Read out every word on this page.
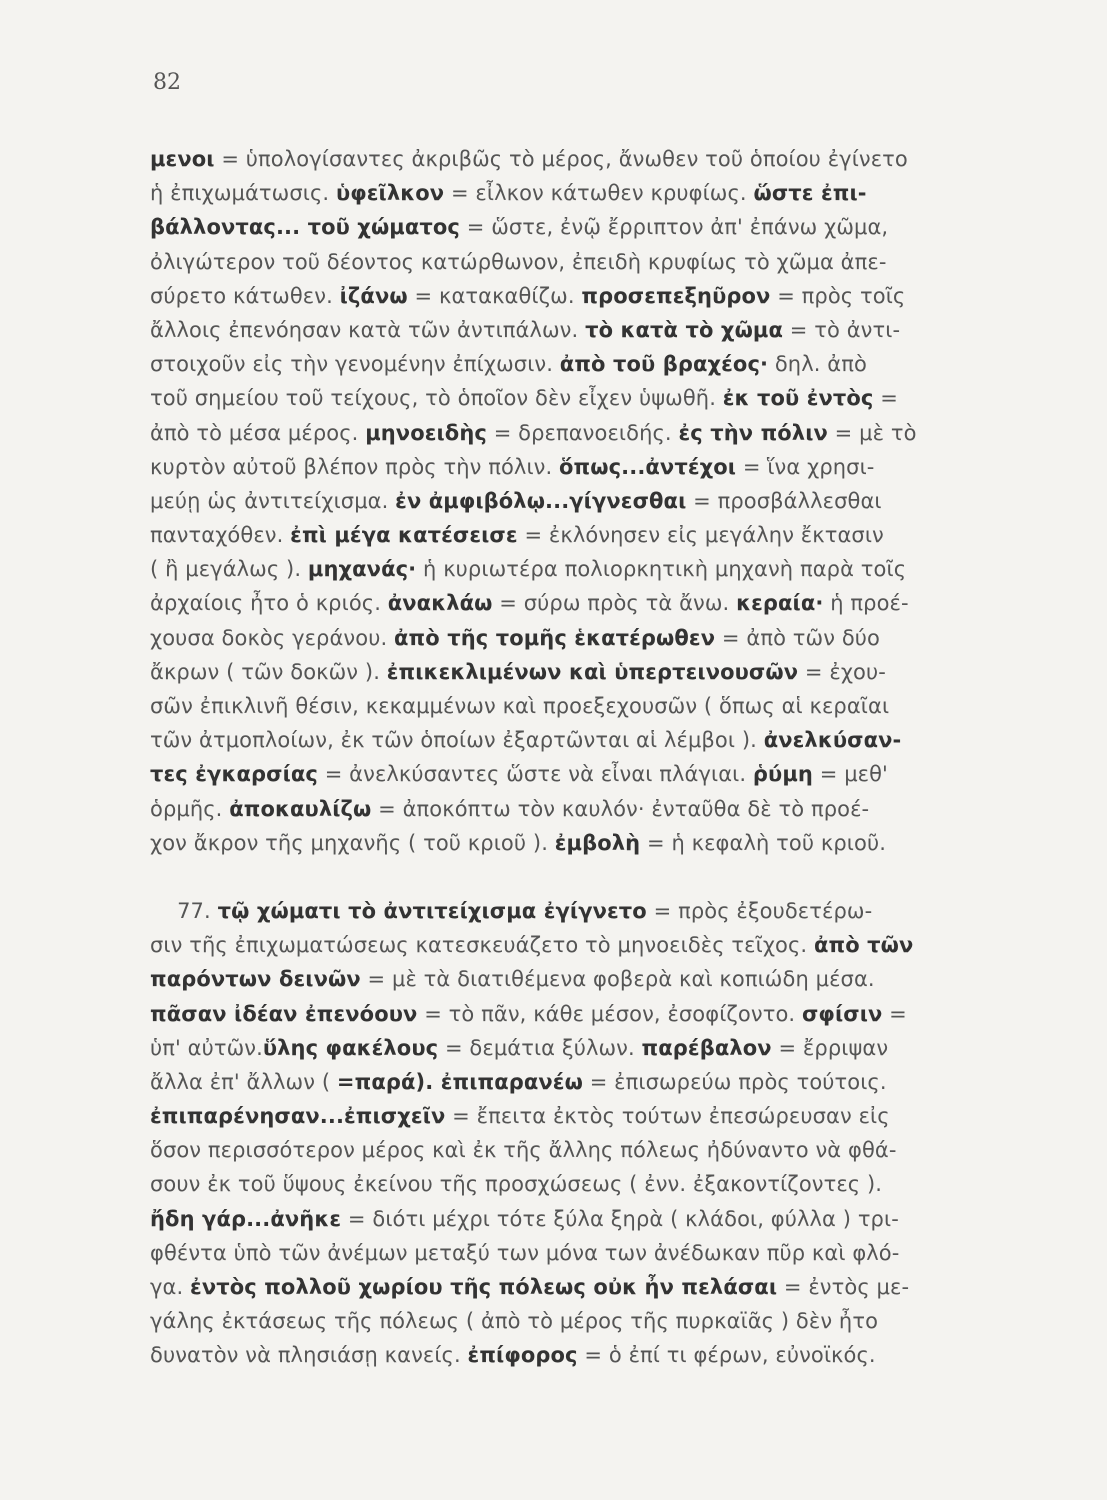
82
μενοι = ὑπολογίσαντες ἀκριβῶς τὸ μέρος, ἄνωθεν τοῦ ὁποίου ἐγίνετο
ἡ ἐπιχωμάτωσις. ὑφεῖλκον = εἶλκον κάτωθεν κρυφίως. ὥστε ἐπι-
βάλλοντας... τοῦ χώματος = ὥστε, ἐνῷ ἔρριπτον ἀπ' ἐπάνω χῶμα,
ὀλιγώτερον τοῦ δέοντος κατώρθωνον, ἐπειδὴ κρυφίως τὸ χῶμα ἀπε-
σύρετο κάτωθεν. ἰζάνω = κατακαθίζω. προσεπεξηῦρον = πρὸς τοῖς
ἄλλοις ἐπενόησαν κατὰ τῶν ἀντιπάλων. τὸ κατὰ τὸ χῶμα = τὸ ἀντι-
στοιχοῦν εἰς τὴν γενομένην ἐπίχωσιν. ἀπὸ τοῦ βραχέος· δηλ. ἀπὸ
τοῦ σημείου τοῦ τείχους, τὸ ὁποῖον δὲν εἶχεν ὑψωθῆ. ἐκ τοῦ ἐντὸς =
ἀπὸ τὸ μέσα μέρος. μηνοειδὴς = δρεπανοειδής. ἐς τὴν πόλιν = μὲ τὸ
κυρτὸν αὐτοῦ βλέπον πρὸς τὴν πόλιν. ὅπως...ἀντέχοι = ἵνα χρησι-
μεύῃ ὡς ἀντιτείχισμα. ἐν ἀμφιβόλῳ...γίγνεσθαι = προσβάλλεσθαι
πανταχόθεν. ἐπὶ μέγα κατέσεισε = ἐκλόνησεν εἰς μεγάλην ἔκτασιν
( ἢ μεγάλως ). μηχανάς· ἡ κυριωτέρα πολιορκητικὴ μηχανὴ παρὰ τοῖς
ἀρχαίοις ἦτο ὁ κριός. ἀνακλάω = σύρω πρὸς τὰ ἄνω. κεραία· ἡ προέ-
χουσα δοκὸς γεράνου. ἀπὸ τῆς τομῆς ἑκατέρωθεν = ἀπὸ τῶν δύο
ἄκρων ( τῶν δοκῶν ). ἐπικεκλιμένων καὶ ὑπερτεινουσῶν = ἐχου-
σῶν ἐπικλινῆ θέσιν, κεκαμμένων καὶ προεξεχουσῶν ( ὅπως αἱ κεραῖαι
τῶν ἀτμοπλοίων, ἐκ τῶν ὁποίων ἐξαρτῶνται αἱ λέμβοι ). ἀνελκύσαν-
τες ἐγκαρσίας = ἀνελκύσαντες ὥστε νὰ εἶναι πλάγιαι. ῥύμη = μεθ'
ὁρμῆς. ἀποκαυλίζω = ἀποκόπτω τὸν καυλόν· ἐνταῦθα δὲ τὸ προέ-
χον ἄκρον τῆς μηχανῆς ( τοῦ κριοῦ ). ἐμβολὴ = ἡ κεφαλὴ τοῦ κριοῦ.
77. τῷ χώματι τὸ ἀντιτείχισμα ἐγίγνετο = πρὸς ἐξουδετέρω-
σιν τῆς ἐπιχωματώσεως κατεσκευάζετο τὸ μηνοειδὲς τεῖχος. ἀπὸ τῶν
παρόντων δεινῶν = μὲ τὰ διατιθέμενα φοβερὰ καὶ κοπιώδη μέσα.
πᾶσαν ἰδέαν ἐπενόουν = τὸ πᾶν, κάθε μέσον, ἐσοφίζοντο. σφίσιν =
ὑπ' αὐτῶν.ὕλης φακέλους = δεμάτια ξύλων. παρέβαλον = ἔρριψαν
ἄλλα ἐπ' ἄλλων ( =παρά). ἐπιπαρανέω = ἐπισωρεύω πρὸς τούτοις.
ἐπιπαρένησαν...ἐπισχεῖν = ἔπειτα ἐκτὸς τούτων ἐπεσώρευσαν εἰς
ὅσον περισσότερον μέρος καὶ ἐκ τῆς ἄλλης πόλεως ἠδύναντο νὰ φθά-
σουν ἐκ τοῦ ὕψους ἐκείνου τῆς προσχώσεως ( ἐνν. ἐξακοντίζοντες ).
ἤδη γάρ...ἀνῆκε = διότι μέχρι τότε ξύλα ξηρὰ ( κλάδοι, φύλλα ) τρι-
φθέντα ὑπὸ τῶν ἀνέμων μεταξύ των μόνα των ἀνέδωκαν πῦρ καὶ φλό-
γα. ἐντὸς πολλοῦ χωρίου τῆς πόλεως οὐκ ἦν πελάσαι = ἐντὸς με-
γάλης ἐκτάσεως τῆς πόλεως ( ἀπὸ τὸ μέρος τῆς πυρκαϊᾶς ) δὲν ἦτο
δυνατὸν νὰ πλησιάσῃ κανείς. ἐπίφορος = ὁ ἐπί τι φέρων, εὐνοϊκός.
